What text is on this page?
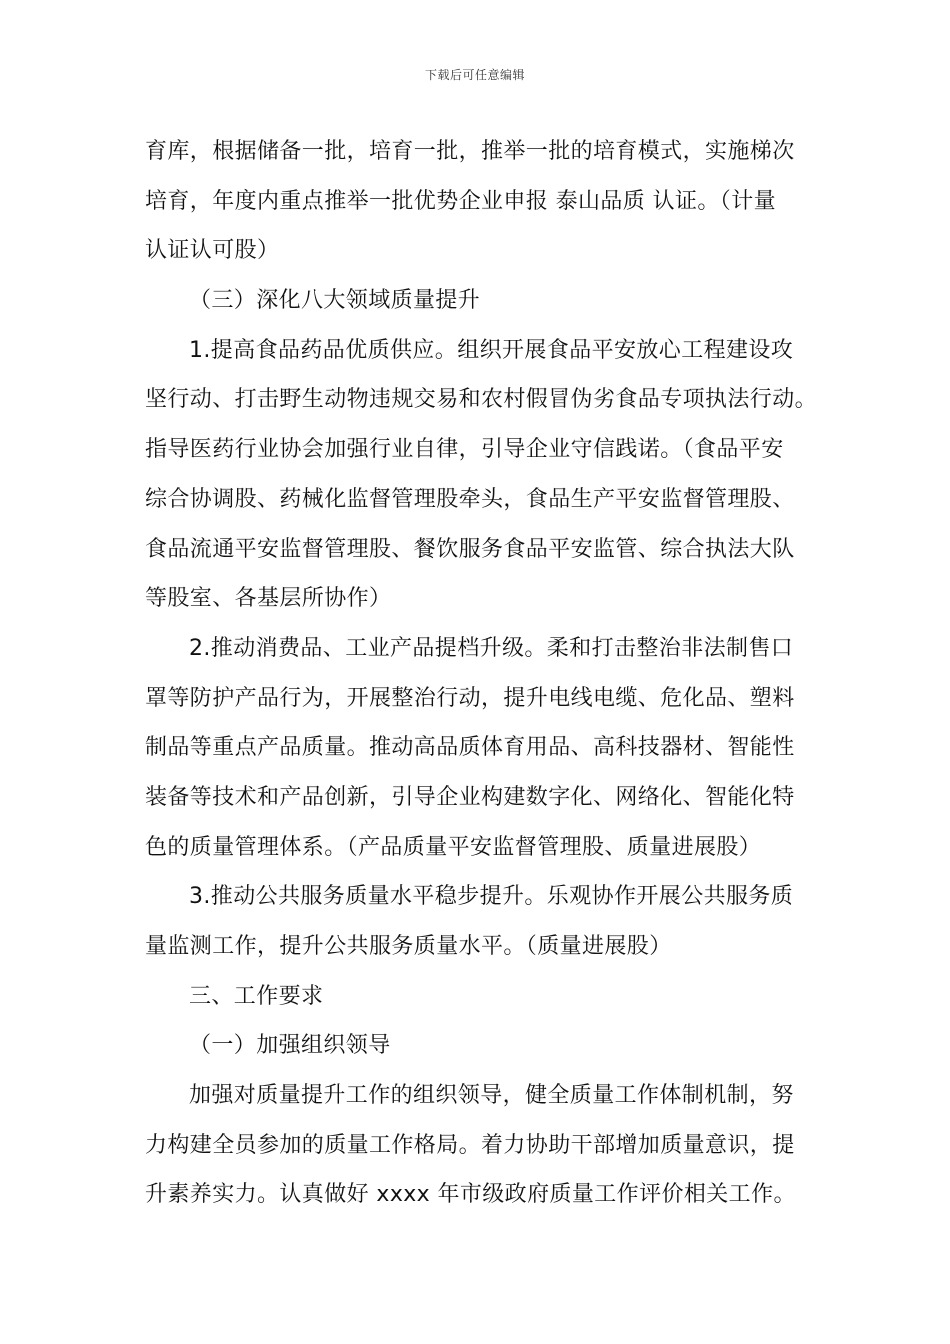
下载后可任意编辑
育库，根据储备一批，培育一批，推举一批的培育模式，实施梯次
培育，年度内重点推举一批优势企业申报 泰山品质 认证。（计量
认证认可股）
（三）深化八大领域质量提升
1.提高食品药品优质供应。组织开展食品平安放心工程建设攻
坚行动、打击野生动物违规交易和农村假冒伪劣食品专项执法行动。
指导医药行业协会加强行业自律，引导企业守信践诺。（食品平安
综合协调股、药械化监督管理股牵头，食品生产平安监督管理股、
食品流通平安监督管理股、餐饮服务食品平安监管、综合执法大队
等股室、各基层所协作）
2.推动消费品、工业产品提档升级。柔和打击整治非法制售口
罩等防护产品行为，开展整治行动，提升电线电缆、危化品、塑料
制品等重点产品质量。推动高品质体育用品、高科技器材、智能性
装备等技术和产品创新，引导企业构建数字化、网络化、智能化特
色的质量管理体系。（产品质量平安监督管理股、质量进展股）
3.推动公共服务质量水平稳步提升。乐观协作开展公共服务质
量监测工作，提升公共服务质量水平。（质量进展股）
三、工作要求
（一）加强组织领导
加强对质量提升工作的组织领导，健全质量工作体制机制，努
力构建全员参加的质量工作格局。着力协助干部增加质量意识，提
升素养实力。认真做好 xxxx 年市级政府质量工作评价相关工作。
